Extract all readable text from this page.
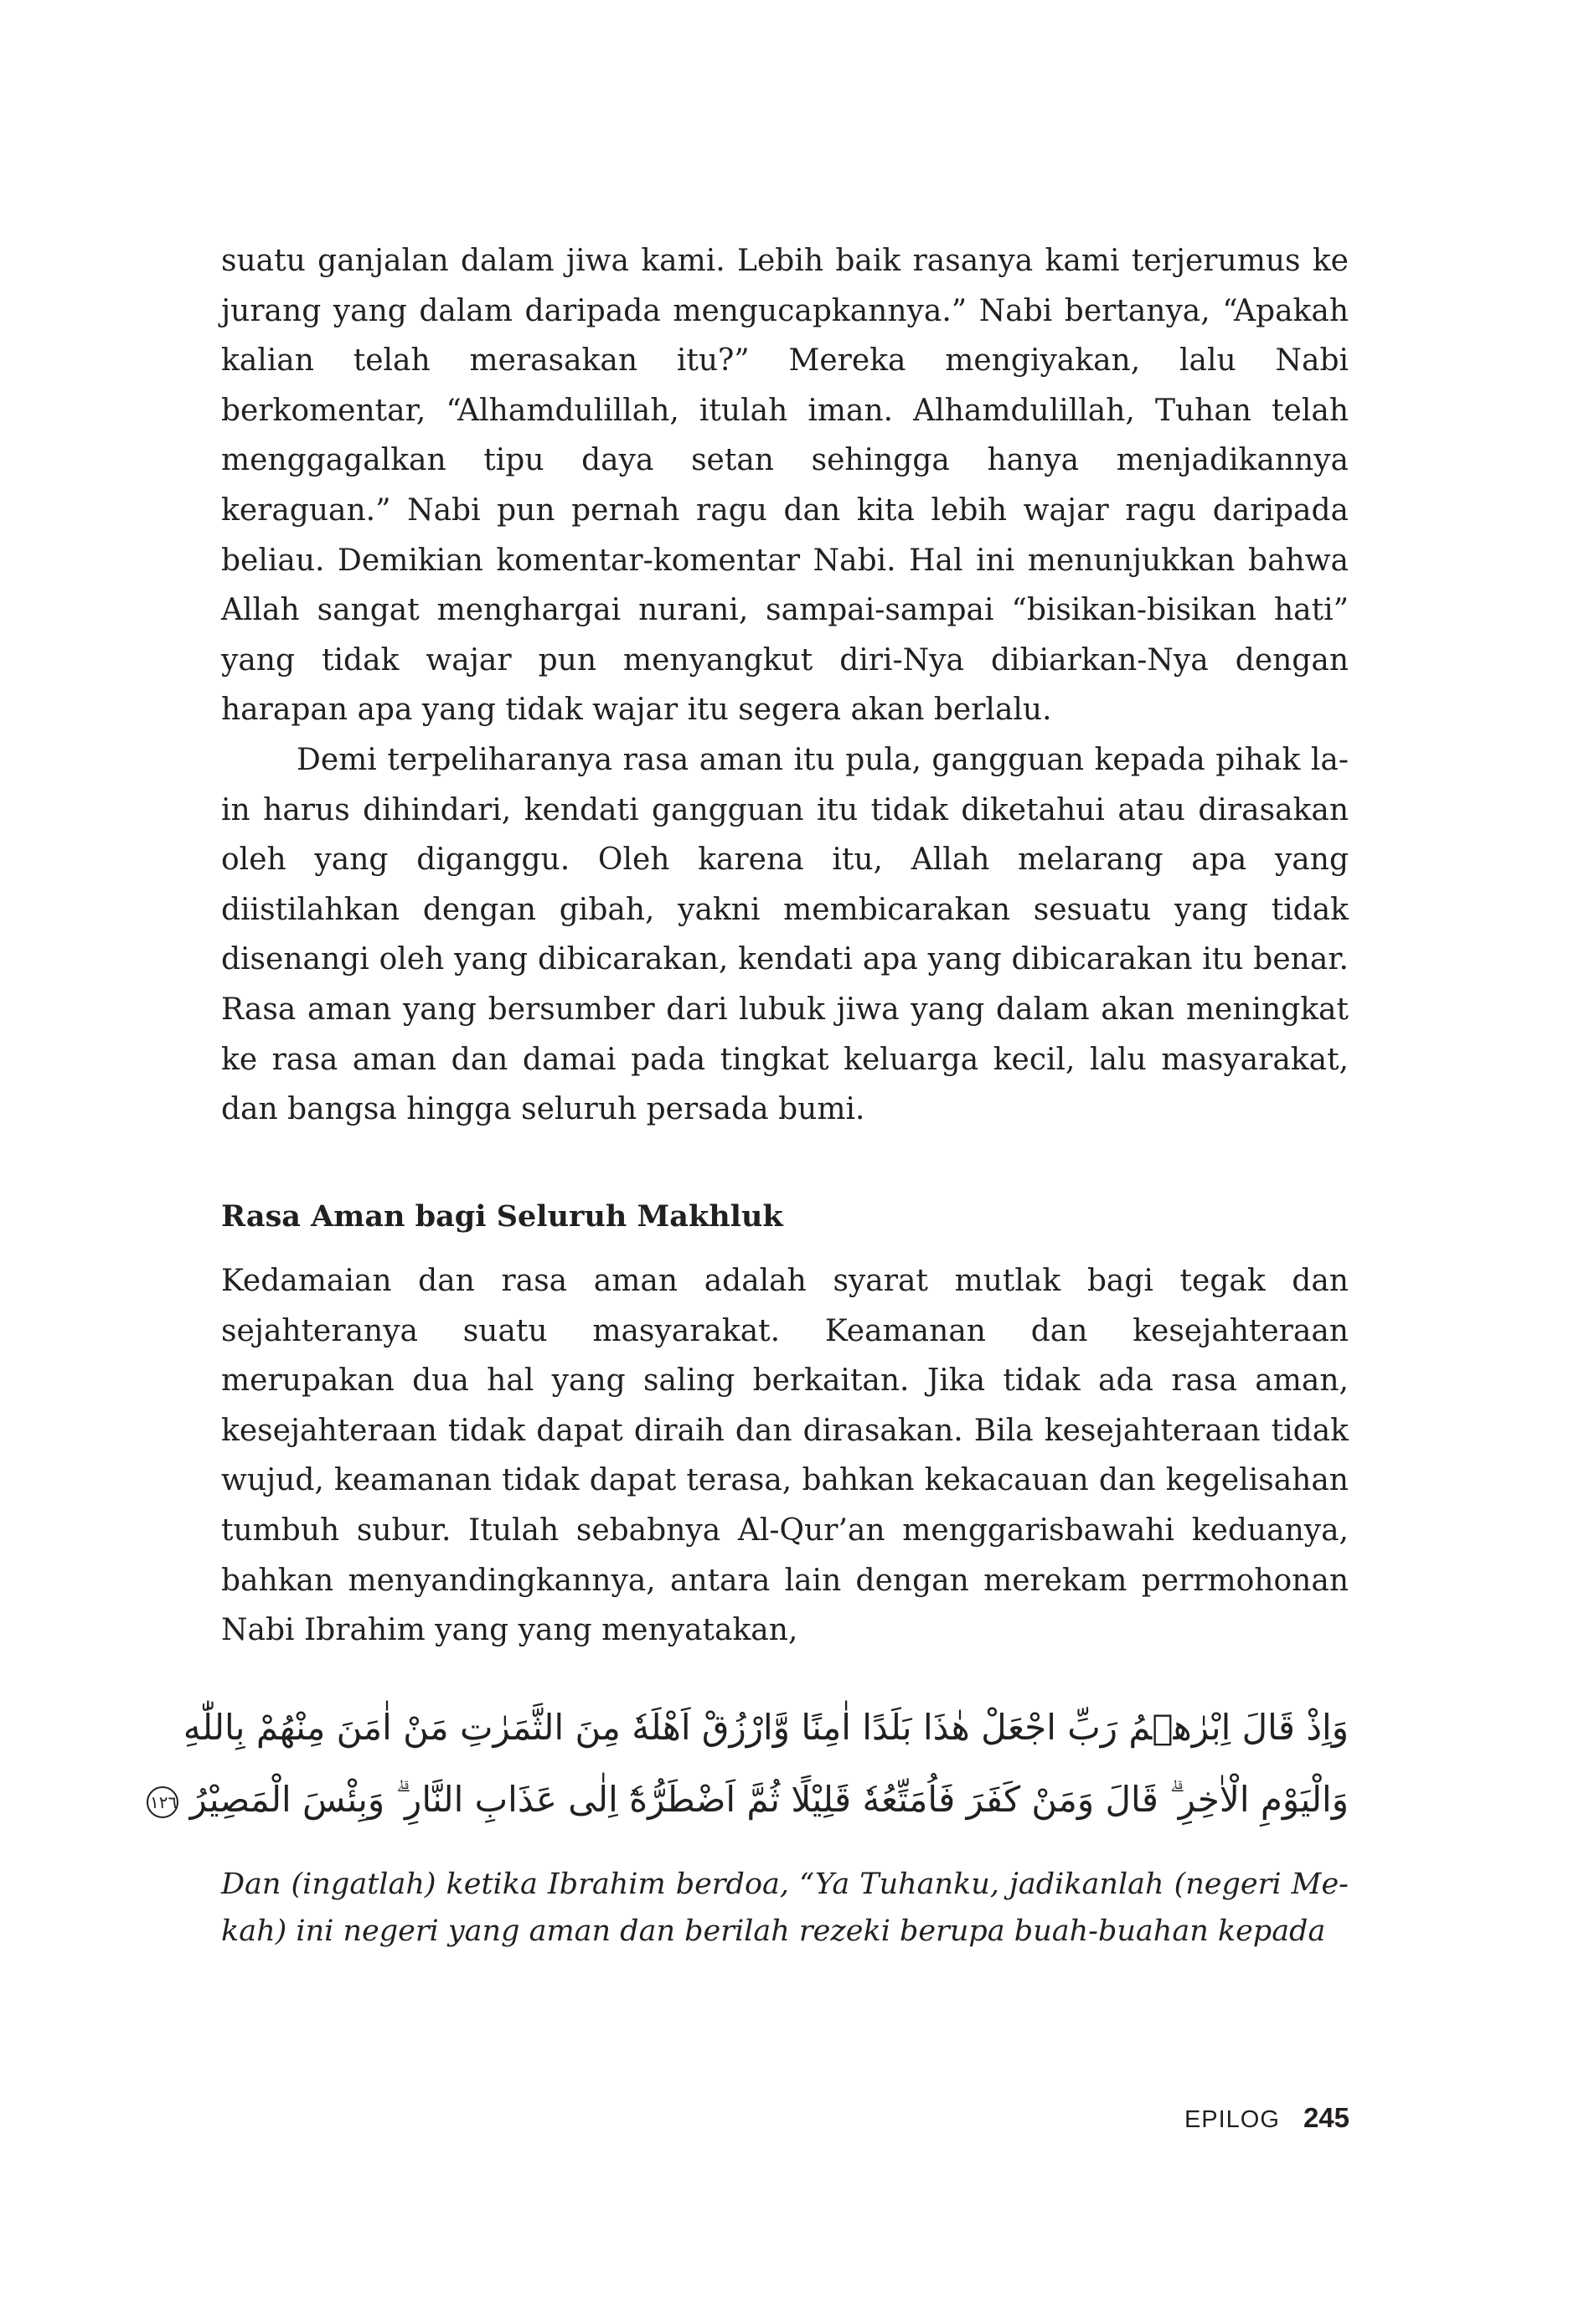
suatu ganjalan dalam jiwa kami. Lebih baik rasanya kami terjerumus ke jurang yang dalam daripada mengucapkannya.” Nabi bertanya, “Apakah kalian telah merasakan itu?” Mereka mengiyakan, lalu Nabi berkomentar, “Alhamdulillah, itulah iman. Alhamdulillah, Tuhan telah menggagalkan tipu daya setan sehingga hanya menjadikannya keraguan.” Nabi pun pernah ragu dan kita lebih wajar ragu daripada beliau. Demikian komentar-komentar Nabi. Hal ini menunjukkan bahwa Allah sangat menghargai nurani, sampai-sampai “bisikan-bisikan hati” yang tidak wajar pun menyangkut diri-Nya dibiarkan-Nya dengan harapan apa yang tidak wajar itu segera akan berlalu.

Demi terpeliharanya rasa aman itu pula, gangguan kepada pihak lain harus dihindari, kendati gangguan itu tidak diketahui atau dirasakan oleh yang diganggu. Oleh karena itu, Allah melarang apa yang diistilahkan dengan gibah, yakni membicarakan sesuatu yang tidak disenangi oleh yang dibicarakan, kendati apa yang dibicarakan itu benar. Rasa aman yang bersumber dari lubuk jiwa yang dalam akan meningkat ke rasa aman dan damai pada tingkat keluarga kecil, lalu masyarakat, dan bangsa hingga seluruh persada bumi.

Rasa Aman bagi Seluruh Makhluk

Kedamaian dan rasa aman adalah syarat mutlak bagi tegak dan sejahteranya suatu masyarakat. Keamanan dan kesejahteraan merupakan dua hal yang saling berkaitan. Jika tidak ada rasa aman, kesejahteraan tidak dapat diraih dan dirasakan. Bila kesejahteraan tidak wujud, keamanan tidak dapat terasa, bahkan kekacauan dan kegelisahan tumbuh subur. Itulah sebabnya Al-Qur’an menggarisbawahi keduanya, bahkan menyandingkannya, antara lain dengan merekam perrmohonan Nabi Ibrahim yang yang menyatakan,

وَاِذْ قَالَ اِبْرٰهٖمُ رَبِّ اجْعَلْ هٰذَا بَلَدًا اٰمِنًا وَّارْزُقْ اَهْلَهٗ مِنَ الثَّمَرٰتِ مَنْ اٰمَنَ مِنْهُمْ بِاللّٰهِ
وَالْيَوْمِ الْاٰخِرِ ۗ قَالَ وَمَنْ كَفَرَ فَاُمَتِّعُهٗ قَلِيْلًا ثُمَّ اَضْطَرُّهٗٓ اِلٰى عَذَابِ النَّارِ ۗ وَبِئْسَ الْمَصِيْرُ ١٢٦

Dan (ingatlah) ketika Ibrahim berdoa, “Ya Tuhanku, jadikanlah (negeri Mekah) ini negeri yang aman dan berilah rezeki berupa buah-buahan kepada

EPILOG 245
